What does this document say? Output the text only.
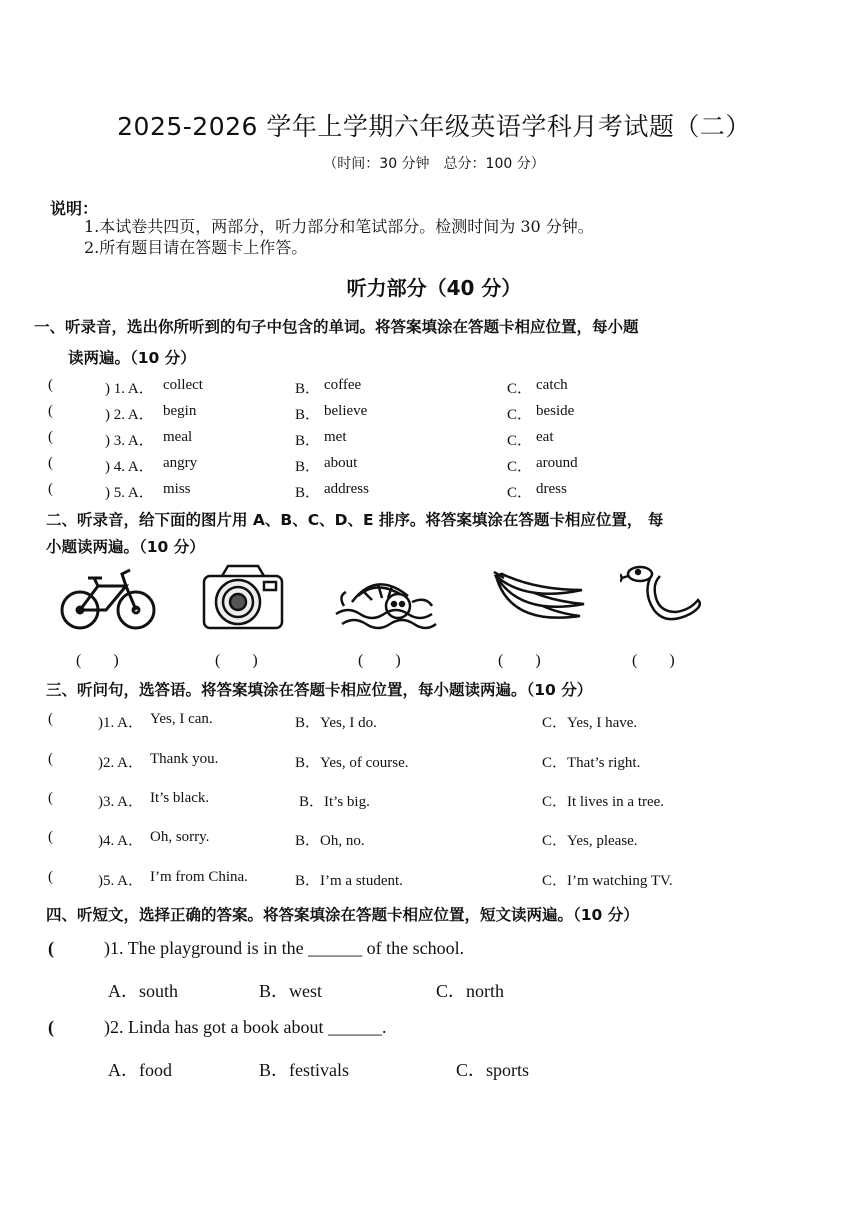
2025-2026 学年上学期六年级英语学科月考试题（二）
（时间：30 分钟　总分：100 分）
说明：
1.本试卷共四页，两部分，听力部分和笔试部分。检测时间为 30 分钟。
2.所有题目请在答题卡上作答。
听力部分（40 分）
一、听录音，选出你所听到的句子中包含的单词。将答案填涂在答题卡相应位置，每小题
读两遍。（10 分）
(	) 1. A． collect	B． coffee	C． catch
(	) 2. A． begin	B． believe	C． beside
(	) 3. A． meal	B． met	C． eat
(	) 4. A． angry	B． about	C． around
(	) 5. A． miss	B． address	C． dress
二、听录音，给下面的图片用 A、B、C、D、E 排序。将答案填涂在答题卡相应位置， 每
小题读两遍。（10 分）
(　　)	(　　)	(　　)	(　　)	(　　)
三、听问句，选答语。将答案填涂在答题卡相应位置，每小题读两遍。（10 分）
(	)1. A． Yes, I can.	B．Yes, I do.	C．Yes, I have.
(	)2. A． Thank you.	B．Yes, of course.	C．That’s right.
(	)3. A． It’s black.	B．It’s big.	C．It lives in a tree.
(	)4. A． Oh, sorry.	B．Oh, no.	C．Yes, please.
(	)5. A． I’m from China.	B．I’m a student.	C．I’m watching TV.
四、听短文，选择正确的答案。将答案填涂在答题卡相应位置，短文读两遍。（10 分）
(	)1. The playground is in the ______ of the school.
A．south	B．west	C．north
(	)2. Linda has got a book about ______.
A．food	B．festivals	C．sports
